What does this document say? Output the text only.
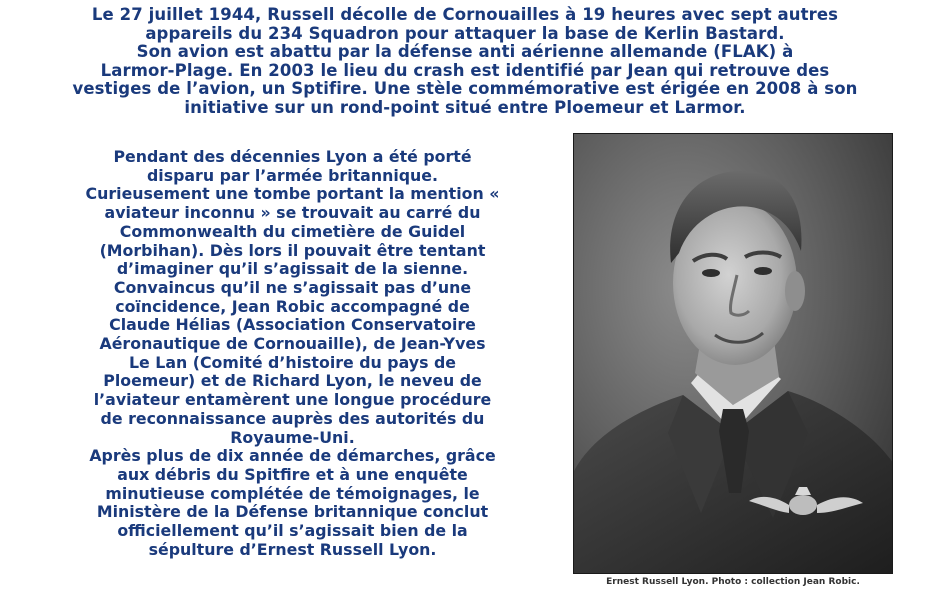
Le 27 juillet 1944, Russell décolle de Cornouailles à 19 heures avec sept autres
appareils du 234 Squadron pour attaquer la base de Kerlin Bastard.
Son avion est abattu par la défense anti aérienne allemande (FLAK) à
Larmor-Plage. En 2003 le lieu du crash est identifié par Jean qui retrouve des
vestiges de l’avion, un Sptifire. Une stèle commémorative est érigée en 2008 à son
initiative sur un rond-point situé entre Ploemeur et Larmor.

Pendant des décennies Lyon a été porté

disparu par l’armée britannique.

Curieusement une tombe portant la mention «

aviateur inconnu » se trouvait au carré du

Commonwealth du cimetière de Guidel

(Morbihan). Dès lors il pouvait être tentant

d’imaginer qu’il s’agissait de la sienne.

Convaincus qu’il ne s’agissait pas d’une

coïncidence, Jean Robic accompagné de

Claude Hélias (Association Conservatoire

Aéronautique de Cornouaille), de Jean-Yves

Le Lan (Comité d’histoire du pays de

Ploemeur) et de Richard Lyon, le neveu de

l’aviateur entamèrent une longue procédure

de reconnaissance auprès des autorités du

Royaume-Uni.

Après plus de dix année de démarches, grâce

aux débris du Spitfire et à une enquête

minutieuse complétée de témoignages, le

Ministère de la Défense britannique conclut

officiellement qu’il s’agissait bien de la

sépulture d’Ernest Russell Lyon.

Ernest Russell Lyon. Photo : collection Jean Robic.
